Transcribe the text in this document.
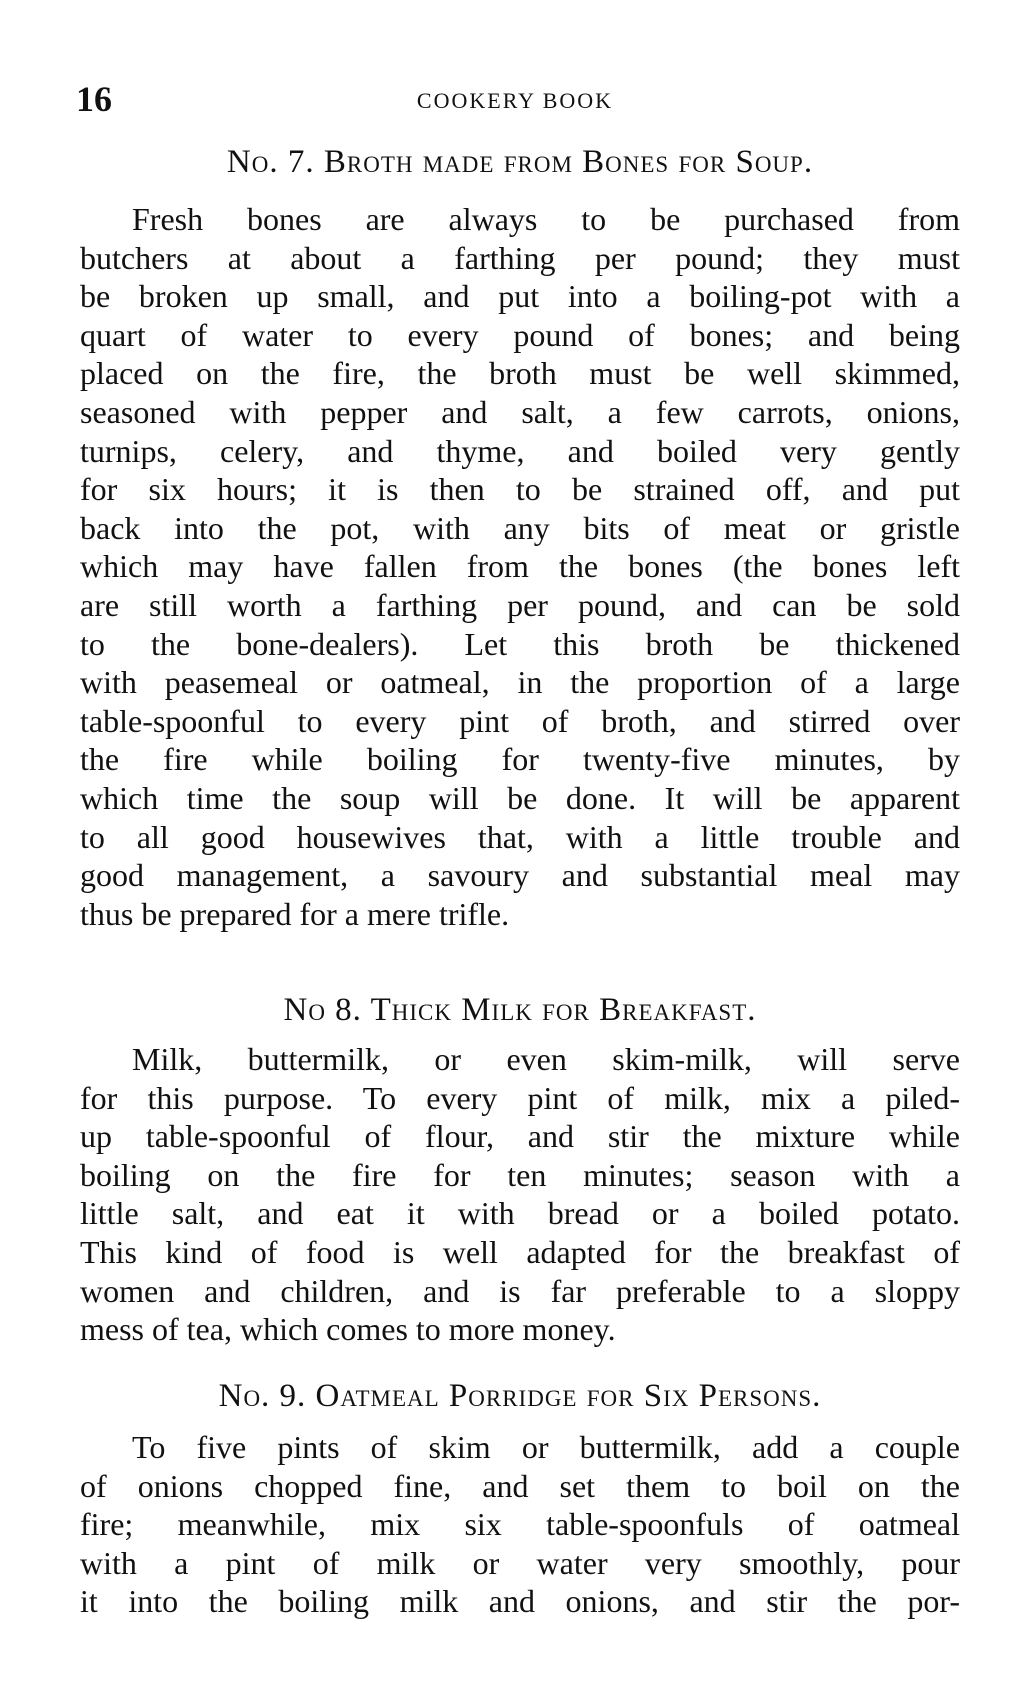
16	COOKERY BOOK
No. 7. Broth made from Bones for Soup.
Fresh bones are always to be purchased from
butchers at about a farthing per pound; they must
be broken up small, and put into a boiling-pot with a
quart of water to every pound of bones; and being
placed on the fire, the broth must be well skimmed,
seasoned with pepper and salt, a few carrots, onions,
turnips, celery, and thyme, and boiled very gently
for six hours; it is then to be strained off, and put
back into the pot, with any bits of meat or gristle
which may have fallen from the bones (the bones left
are still worth a farthing per pound, and can be sold
to the bone-dealers). Let this broth be thickened
with peasemeal or oatmeal, in the proportion of a large
table-spoonful to every pint of broth, and stirred over
the fire while boiling for twenty-five minutes, by
which time the soup will be done. It will be apparent
to all good housewives that, with a little trouble and
good management, a savoury and substantial meal may
thus be prepared for a mere trifle.
No 8. Thick Milk for Breakfast.
Milk, buttermilk, or even skim-milk, will serve
for this purpose. To every pint of milk, mix a piled-
up table-spoonful of flour, and stir the mixture while
boiling on the fire for ten minutes; season with a
little salt, and eat it with bread or a boiled potato.
This kind of food is well adapted for the breakfast of
women and children, and is far preferable to a sloppy
mess of tea, which comes to more money.
No. 9. Oatmeal Porridge for Six Persons.
To five pints of skim or buttermilk, add a couple
of onions chopped fine, and set them to boil on the
fire; meanwhile, mix six table-spoonfuls of oatmeal
with a pint of milk or water very smoothly, pour
it into the boiling milk and onions, and stir the por-
